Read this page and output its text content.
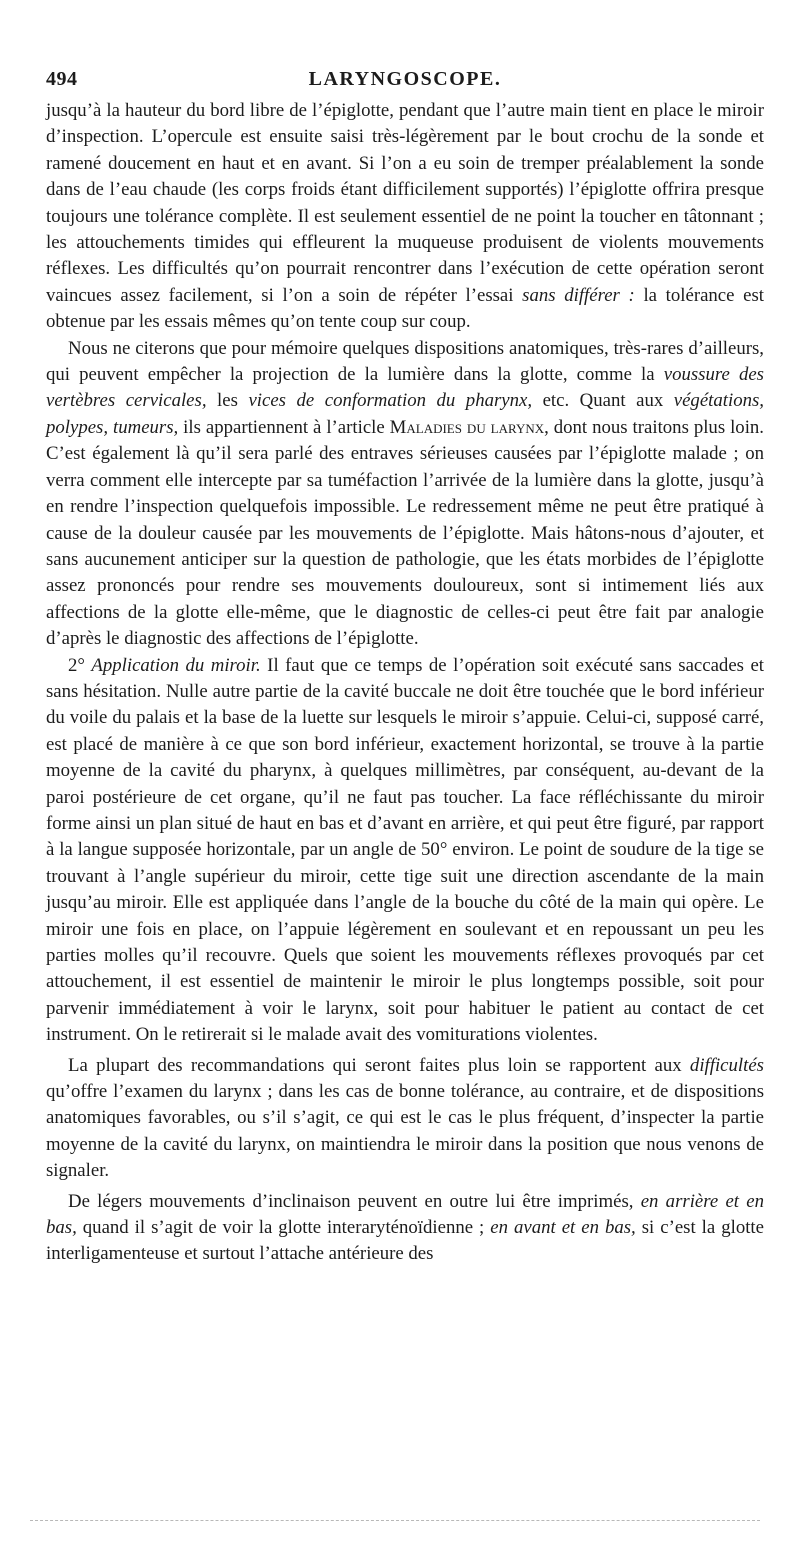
494	LARYNGOSCOPE.

jusqu’à la hauteur du bord libre de l’épiglotte, pendant que l’autre main tient en place le miroir d’inspection. L’opercule est ensuite saisi très-légèrement par le bout crochu de la sonde et ramené doucement en haut et en avant. Si l’on a eu soin de tremper préalablement la sonde dans de l’eau chaude (les corps froids étant difficilement supportés) l’épiglotte offrira presque toujours une tolérance complète. Il est seulement essentiel de ne point la toucher en tâtonnant ; les attouchements timides qui effleurent la muqueuse produisent de violents mouvements réflexes. Les difficultés qu’on pourrait rencontrer dans l’exécution de cette opération seront vaincues assez facilement, si l’on a soin de répéter l’essai sans différer : la tolérance est obtenue par les essais mêmes qu’on tente coup sur coup.

Nous ne citerons que pour mémoire quelques dispositions anatomiques, très-rares d’ailleurs, qui peuvent empêcher la projection de la lumière dans la glotte, comme la voussure des vertèbres cervicales, les vices de conformation du pharynx, etc. Quant aux végétations, polypes, tumeurs, ils appartiennent à l’article Maladies du larynx, dont nous traitons plus loin. C’est également là qu’il sera parlé des entraves sérieuses causées par l’épiglotte malade ; on verra comment elle intercepte par sa tuméfaction l’arrivée de la lumière dans la glotte, jusqu’à en rendre l’inspection quelquefois impossible. Le redressement même ne peut être pratiqué à cause de la douleur causée par les mouvements de l’épiglotte. Mais hâtons-nous d’ajouter, et sans aucunement anticiper sur la question de pathologie, que les états morbides de l’épiglotte assez prononcés pour rendre ses mouvements douloureux, sont si intimement liés aux affections de la glotte elle-même, que le diagnostic de celles-ci peut être fait par analogie d’après le diagnostic des affections de l’épiglotte.

2° Application du miroir. Il faut que ce temps de l’opération soit exécuté sans saccades et sans hésitation. Nulle autre partie de la cavité buccale ne doit être touchée que le bord inférieur du voile du palais et la base de la luette sur lesquels le miroir s’appuie. Celui-ci, supposé carré, est placé de manière à ce que son bord inférieur, exactement horizontal, se trouve à la partie moyenne de la cavité du pharynx, à quelques millimètres, par conséquent, au-devant de la paroi postérieure de cet organe, qu’il ne faut pas toucher. La face réfléchissante du miroir forme ainsi un plan situé de haut en bas et d’avant en arrière, et qui peut être figuré, par rapport à la langue supposée horizontale, par un angle de 50° environ. Le point de soudure de la tige se trouvant à l’angle supérieur du miroir, cette tige suit une direction ascendante de la main jusqu’au miroir. Elle est appliquée dans l’angle de la bouche du côté de la main qui opère. Le miroir une fois en place, on l’appuie légèrement en soulevant et en repoussant un peu les parties molles qu’il recouvre. Quels que soient les mouvements réflexes provoqués par cet attouchement, il est essentiel de maintenir le miroir le plus longtemps possible, soit pour parvenir immédiatement à voir le larynx, soit pour habituer le patient au contact de cet instrument. On le retirerait si le malade avait des vomiturations violentes.

La plupart des recommandations qui seront faites plus loin se rapportent aux difficultés qu’offre l’examen du larynx ; dans les cas de bonne tolérance, au contraire, et de dispositions anatomiques favorables, ou s’il s’agit, ce qui est le cas le plus fréquent, d’inspecter la partie moyenne de la cavité du larynx, on maintiendra le miroir dans la position que nous venons de signaler.

De légers mouvements d’inclinaison peuvent en outre lui être imprimés, en arrière et en bas, quand il s’agit de voir la glotte interaryténoïdienne ; en avant et en bas, si c’est la glotte interligamenteuse et surtout l’attache antérieure des
